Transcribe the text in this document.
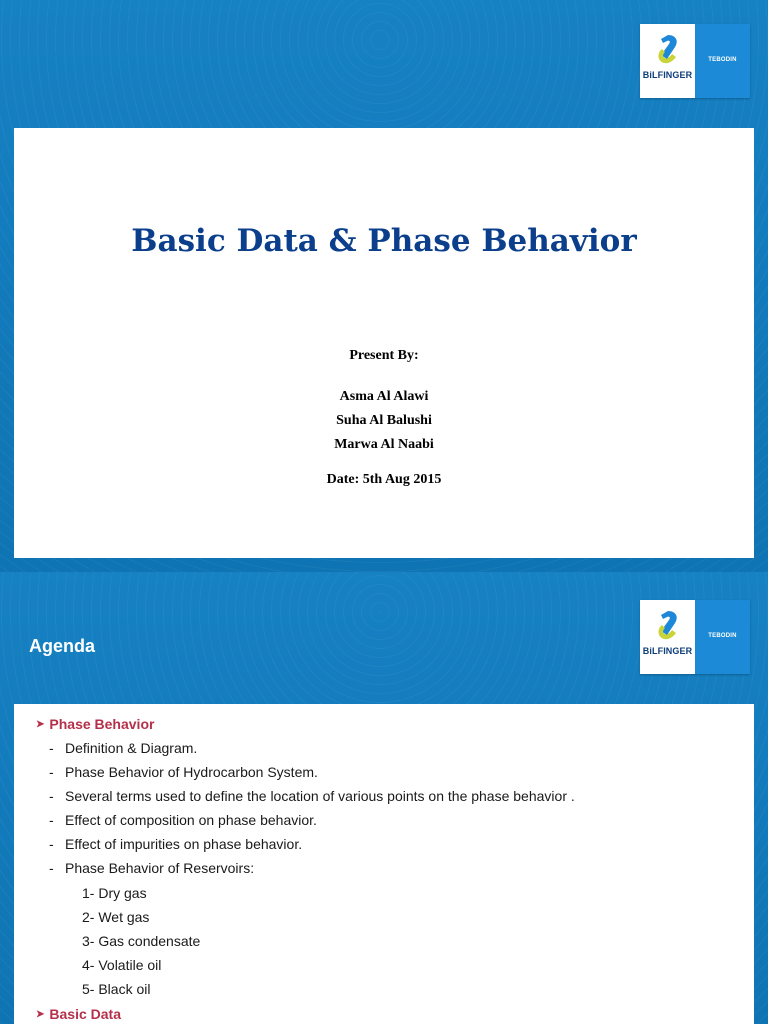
BiLFINGER
TEBODIN
Basic Data & Phase Behavior

Present By:

Asma Al Alawi
Suha Al Balushi
Marwa Al Naabi

Date: 5th Aug 2015

Agenda	BiLFINGER
TEBODIN
➤ Phase Behavior
- Definition & Diagram.
- Phase Behavior of Hydrocarbon System.
- Several terms used to define the location of various points on the phase behavior .
- Effect of composition on phase behavior.
- Effect of impurities on phase behavior.
- Phase Behavior of Reservoirs:
1- Dry gas
2- Wet gas
3- Gas condensate
4- Volatile oil
5- Black oil
➤ Basic Data
